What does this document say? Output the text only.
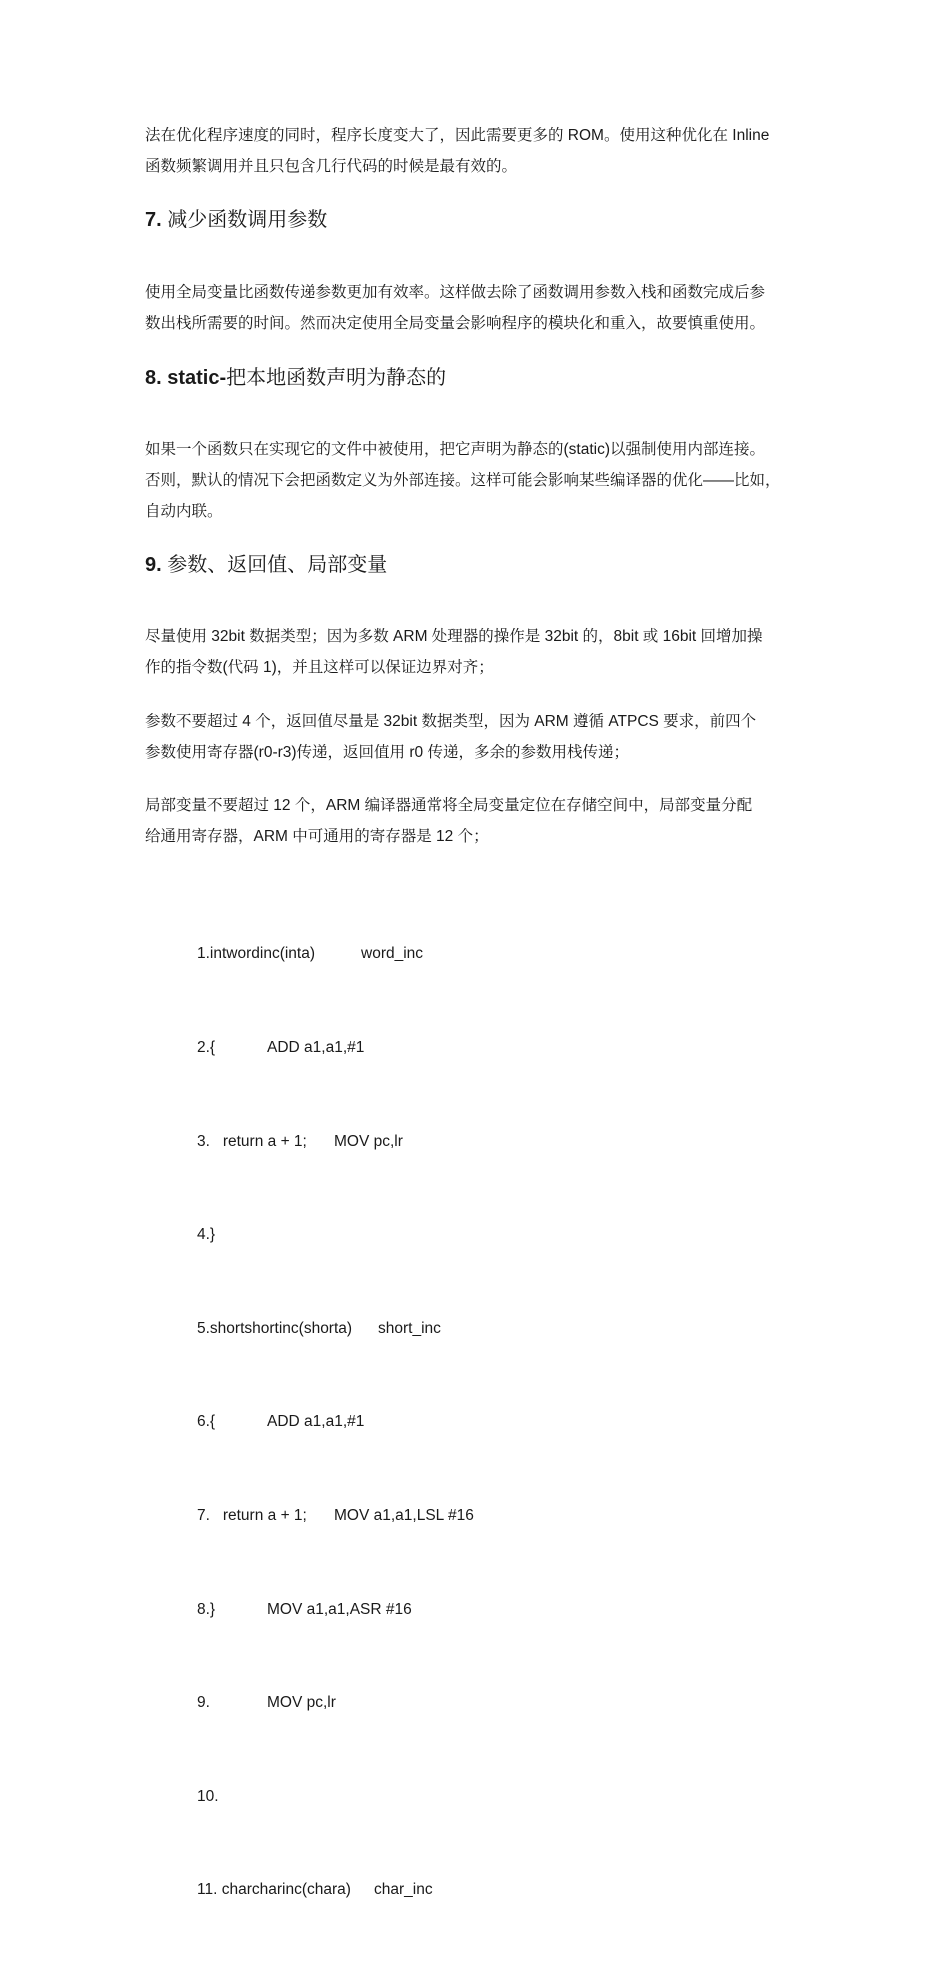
法在优化程序速度的同时，程序长度变大了，因此需要更多的 ROM。使用这种优化在 Inline
函数频繁调用并且只包含几行代码的时候是最有效的。
7. 减少函数调用参数
使用全局变量比函数传递参数更加有效率。这样做去除了函数调用参数入栈和函数完成后参
数出栈所需要的时间。然而决定使用全局变量会影响程序的模块化和重入，故要慎重使用。
8. static-把本地函数声明为静态的
如果一个函数只在实现它的文件中被使用，把它声明为静态的(static)以强制使用内部连接。
否则，默认的情况下会把函数定义为外部连接。这样可能会影响某些编译器的优化——比如，
自动内联。
9. 参数、返回值、局部变量
尽量使用 32bit 数据类型；因为多数 ARM 处理器的操作是 32bit 的，8bit 或 16bit 回增加操
作的指令数(代码 1)，并且这样可以保证边界对齐；
参数不要超过 4 个，返回值尽量是 32bit 数据类型，因为 ARM 遵循 ATPCS 要求，前四个
参数使用寄存器(r0-r3)传递，返回值用 r0 传递，多余的参数用栈传递；
局部变量不要超过 12 个，ARM 编译器通常将全局变量定位在存储空间中，局部变量分配
给通用寄存器，ARM 中可通用的寄存器是 12 个；

1.intwordinc(inta)	word_inc

2.{	ADD a1,a1,#1

3.   return a + 1; MOV pc,lr

4.}

5.shortshortinc(shorta) short_inc

6.{	ADD a1,a1,#1

7.   return a + 1; MOV a1,a1,LSL #16

8.}	MOV a1,a1,ASR #16

9.	MOV pc,lr

10.

11. charcharinc(chara) char_inc
